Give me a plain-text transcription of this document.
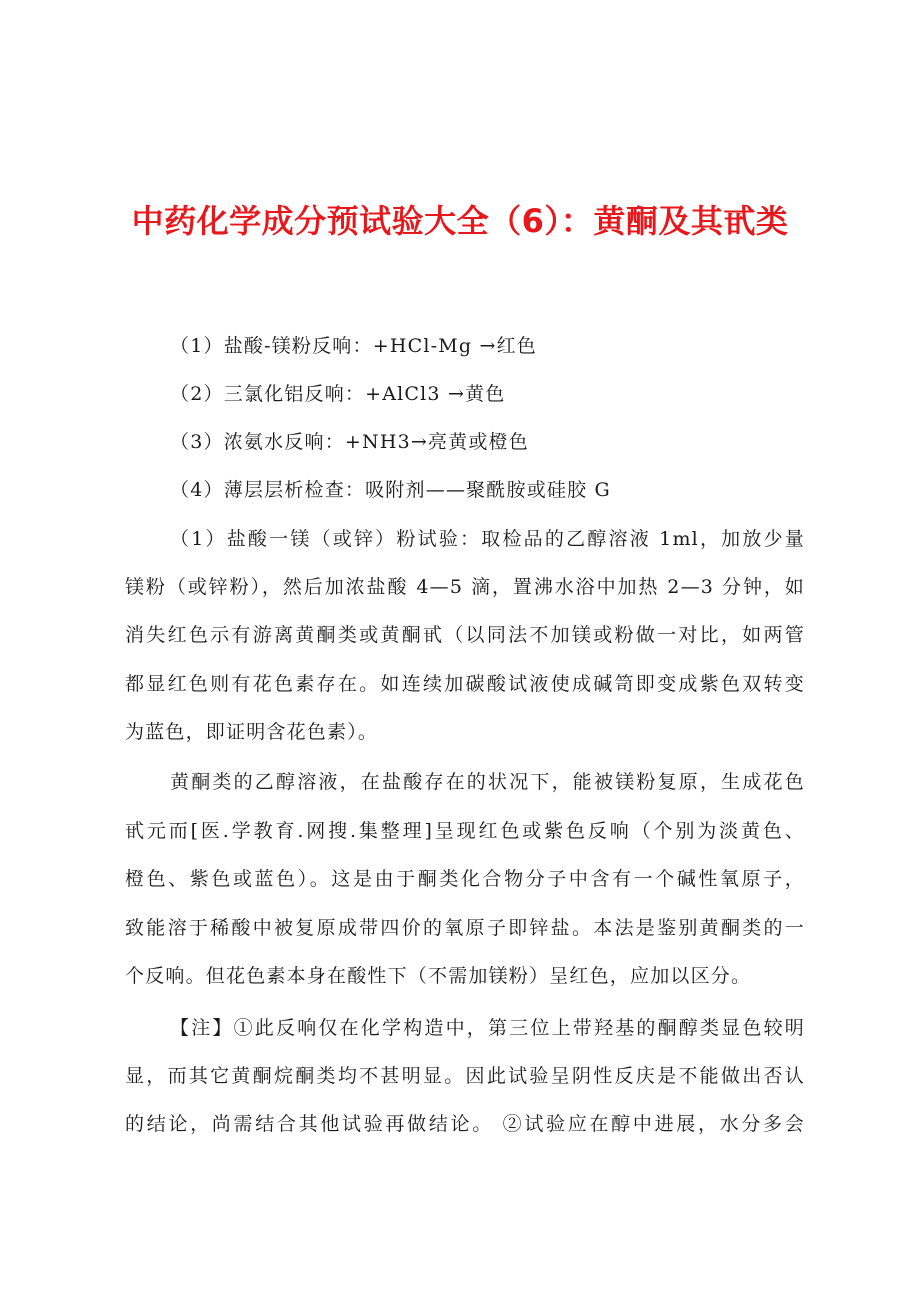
中药化学成分预试验大全（6）：黄酮及其甙类
（1）盐酸-镁粉反响：+HCl-Mg →红色
（2）三氯化铝反响：+AlCl3 →黄色
（3）浓氨水反响：+NH3→亮黄或橙色
（4）薄层层析检查：吸附剂——聚酰胺或硅胶 G
（1）盐酸一镁（或锌）粉试验：取检品的乙醇溶液 1ml，加放少量
镁粉（或锌粉），然后加浓盐酸 4—5 滴，置沸水浴中加热 2—3 分钟，如
消失红色示有游离黄酮类或黄酮甙（以同法不加镁或粉做一对比，如两管
都显红色则有花色素存在。如连续加碳酸试液使成碱笥即变成紫色双转变
为蓝色，即证明含花色素）。
黄酮类的乙醇溶液，在盐酸存在的状况下，能被镁粉复原，生成花色
甙元而[医.学教育.网搜.集整理]呈现红色或紫色反响（个别为淡黄色、
橙色、紫色或蓝色）。这是由于酮类化合物分子中含有一个碱性氧原子，
致能溶于稀酸中被复原成带四价的氧原子即锌盐。本法是鉴别黄酮类的一
个反响。但花色素本身在酸性下（不需加镁粉）呈红色，应加以区分。
【注】①此反响仅在化学构造中，第三位上带羟基的酮醇类显色较明
显，而其它黄酮烷酮类均不甚明显。因此试验呈阴性反庆是不能做出否认
的结论，尚需结合其他试验再做结论。 ②试验应在醇中进展，水分多会
